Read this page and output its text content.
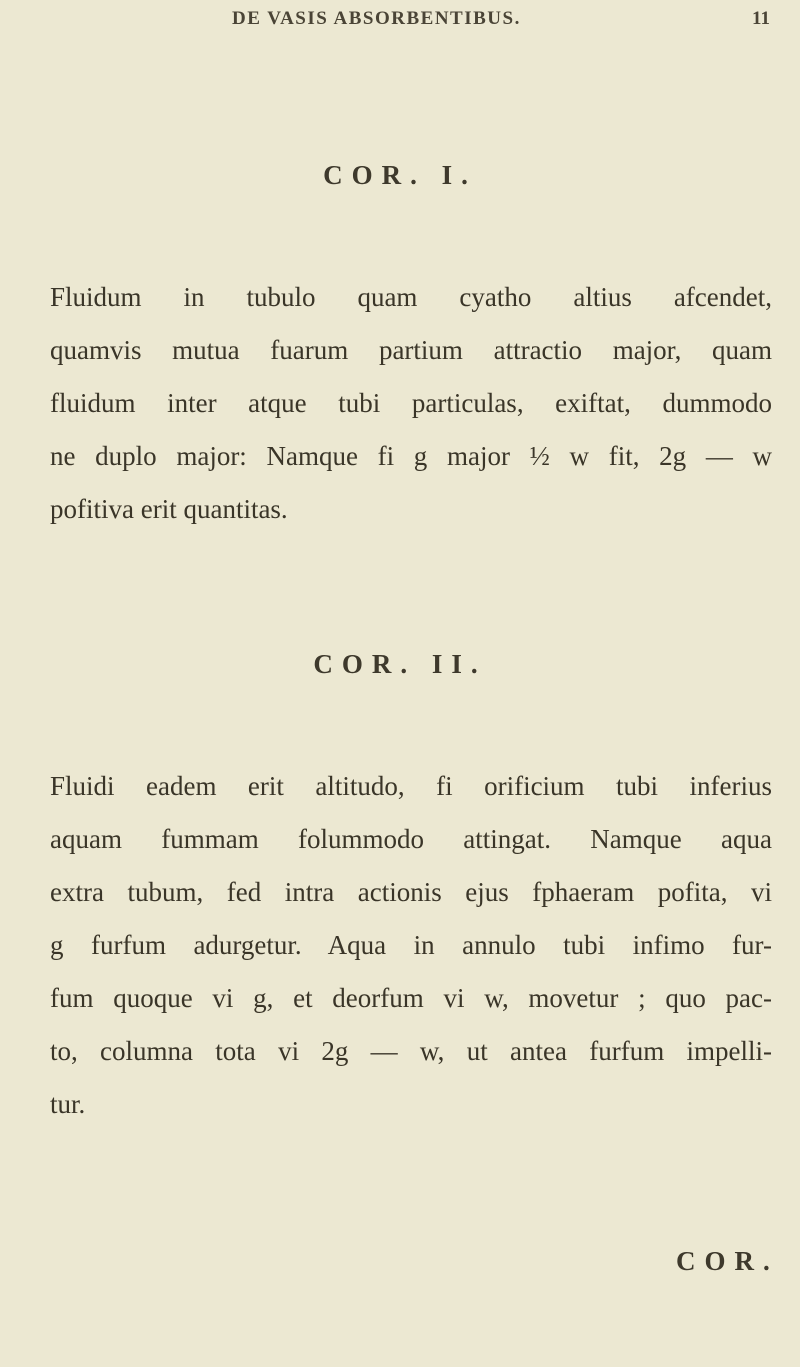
DE VASIS ABSORBENTIBUS.	11
COR. I.
Fluidum in tubulo quam cyatho altius afcendet,
quamvis mutua fuarum partium attractio major, quam
fluidum inter atque tubi particulas, exiftat, dummodo
ne duplo major: Namque fi g major ½ w fit, 2g — w
pofitiva erit quantitas.
COR. II.
Fluidi eadem erit altitudo, fi orificium tubi inferius
aquam fummam folummodo attingat. Namque aqua
extra tubum, fed intra actionis ejus fphaeram pofita, vi
g furfum adurgetur. Aqua in annulo tubi infimo fur-
fum quoque vi g, et deorfum vi w, movetur ; quo pac-
to, columna tota vi 2g — w, ut antea furfum impelli-
tur.
COR.
